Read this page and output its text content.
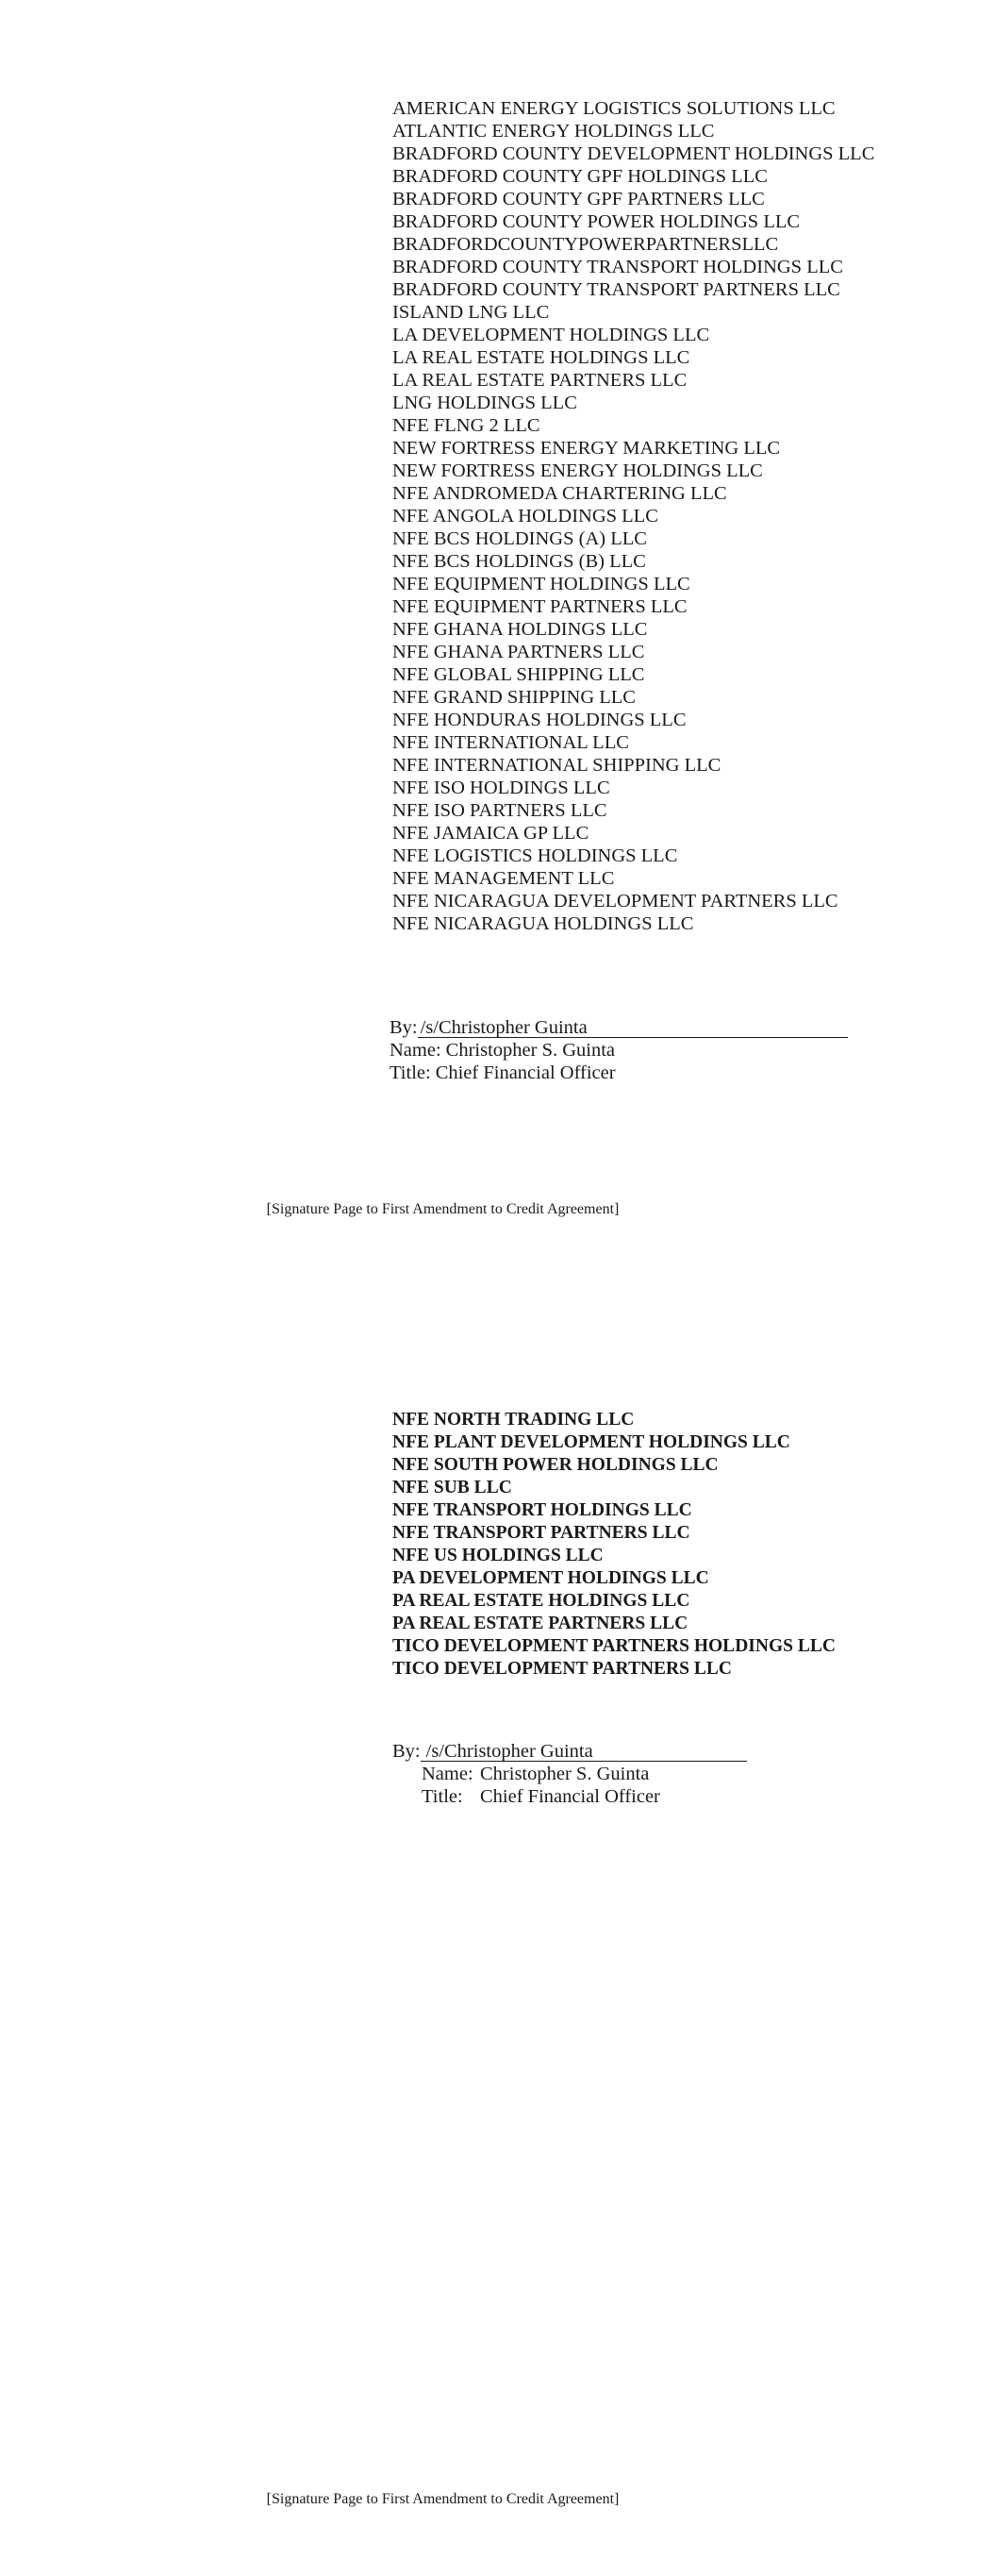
AMERICAN ENERGY LOGISTICS SOLUTIONS LLC
ATLANTIC ENERGY HOLDINGS LLC
BRADFORD COUNTY DEVELOPMENT HOLDINGS LLC
BRADFORD COUNTY GPF HOLDINGS LLC
BRADFORD COUNTY GPF PARTNERS LLC
BRADFORD COUNTY POWER HOLDINGS LLC
BRADFORDCOUNTYPOWERPARTNERSLLC
BRADFORD COUNTY TRANSPORT HOLDINGS LLC
BRADFORD COUNTY TRANSPORT PARTNERS LLC
ISLAND LNG LLC
LA DEVELOPMENT HOLDINGS LLC
LA REAL ESTATE HOLDINGS LLC
LA REAL ESTATE PARTNERS LLC
LNG HOLDINGS LLC
NFE FLNG 2 LLC
NEW FORTRESS ENERGY MARKETING LLC
NEW FORTRESS ENERGY HOLDINGS LLC
NFE ANDROMEDA CHARTERING LLC
NFE ANGOLA HOLDINGS LLC
NFE BCS HOLDINGS (A) LLC
NFE BCS HOLDINGS (B) LLC
NFE EQUIPMENT HOLDINGS LLC
NFE EQUIPMENT PARTNERS LLC
NFE GHANA HOLDINGS LLC
NFE GHANA PARTNERS LLC
NFE GLOBAL SHIPPING LLC
NFE GRAND SHIPPING LLC
NFE HONDURAS HOLDINGS LLC
NFE INTERNATIONAL LLC
NFE INTERNATIONAL SHIPPING LLC
NFE ISO HOLDINGS LLC
NFE ISO PARTNERS LLC
NFE JAMAICA GP LLC
NFE LOGISTICS HOLDINGS LLC
NFE MANAGEMENT LLC
NFE NICARAGUA DEVELOPMENT PARTNERS LLC
NFE NICARAGUA HOLDINGS LLC
By: /s/Christopher Guinta
Name: Christopher S. Guinta
Title: Chief Financial Officer
[Signature Page to First Amendment to Credit Agreement]
NFE NORTH TRADING LLC
NFE PLANT DEVELOPMENT HOLDINGS LLC
NFE SOUTH POWER HOLDINGS LLC
NFE SUB LLC
NFE TRANSPORT HOLDINGS LLC
NFE TRANSPORT PARTNERS LLC
NFE US HOLDINGS LLC
PA DEVELOPMENT HOLDINGS LLC
PA REAL ESTATE HOLDINGS LLC
PA REAL ESTATE PARTNERS LLC
TICO DEVELOPMENT PARTNERS HOLDINGS LLC
TICO DEVELOPMENT PARTNERS LLC
By: /s/Christopher Guinta
Name: Christopher S. Guinta
Title: Chief Financial Officer
[Signature Page to First Amendment to Credit Agreement]
